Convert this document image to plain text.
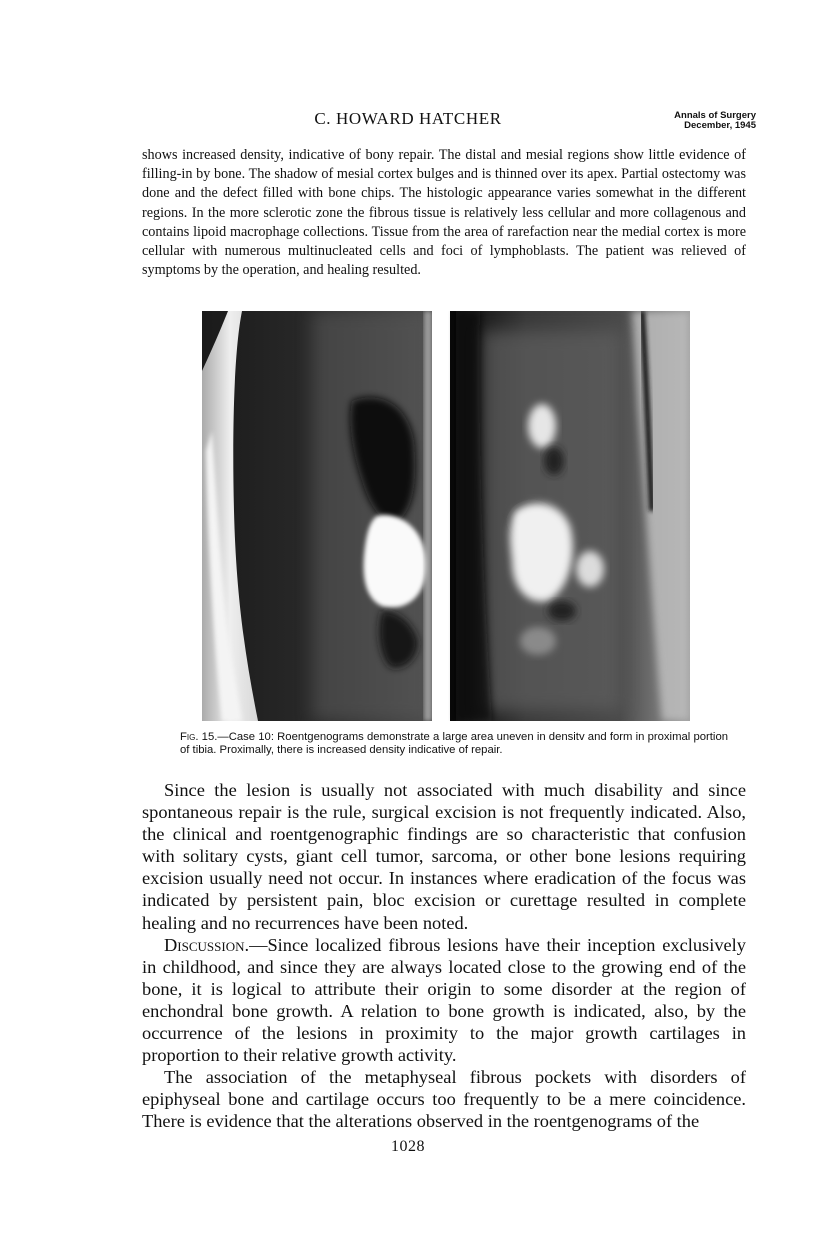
C. HOWARD HATCHER	Annals of Surgery
December, 1945
shows increased density, indicative of bony repair. The distal and mesial regions show little evidence of filling-in by bone. The shadow of mesial cortex bulges and is thinned over its apex. Partial ostectomy was done and the defect filled with bone chips. The histologic appearance varies somewhat in the different regions. In the more sclerotic zone the fibrous tissue is relatively less cellular and more collagenous and contains lipoid macrophage collections. Tissue from the area of rarefaction near the medial cortex is more cellular with numerous multinucleated cells and foci of lymphoblasts. The patient was relieved of symptoms by the operation, and healing resulted.
Fig. 15.—Case 10: Roentgenograms demonstrate a large area uneven in densitv and form in proximal portion of tibia. Proximally, there is increased density indicative of repair.

Since the lesion is usually not associated with much disability and since spontaneous repair is the rule, surgical excision is not frequently indicated. Also, the clinical and roentgenographic findings are so characteristic that confusion with solitary cysts, giant cell tumor, sarcoma, or other bone lesions requiring excision usually need not occur. In instances where eradication of the focus was indicated by persistent pain, bloc excision or curettage resulted in complete healing and no recurrences have been noted.

Discussion.—Since localized fibrous lesions have their inception exclusively in childhood, and since they are always located close to the growing end of the bone, it is logical to attribute their origin to some disorder at the region of enchondral bone growth. A relation to bone growth is indicated, also, by the occurrence of the lesions in proximity to the major growth cartilages in proportion to their relative growth activity.

The association of the metaphyseal fibrous pockets with disorders of epiphyseal bone and cartilage occurs too frequently to be a mere coincidence. There is evidence that the alterations observed in the roentgenograms of the

1028
